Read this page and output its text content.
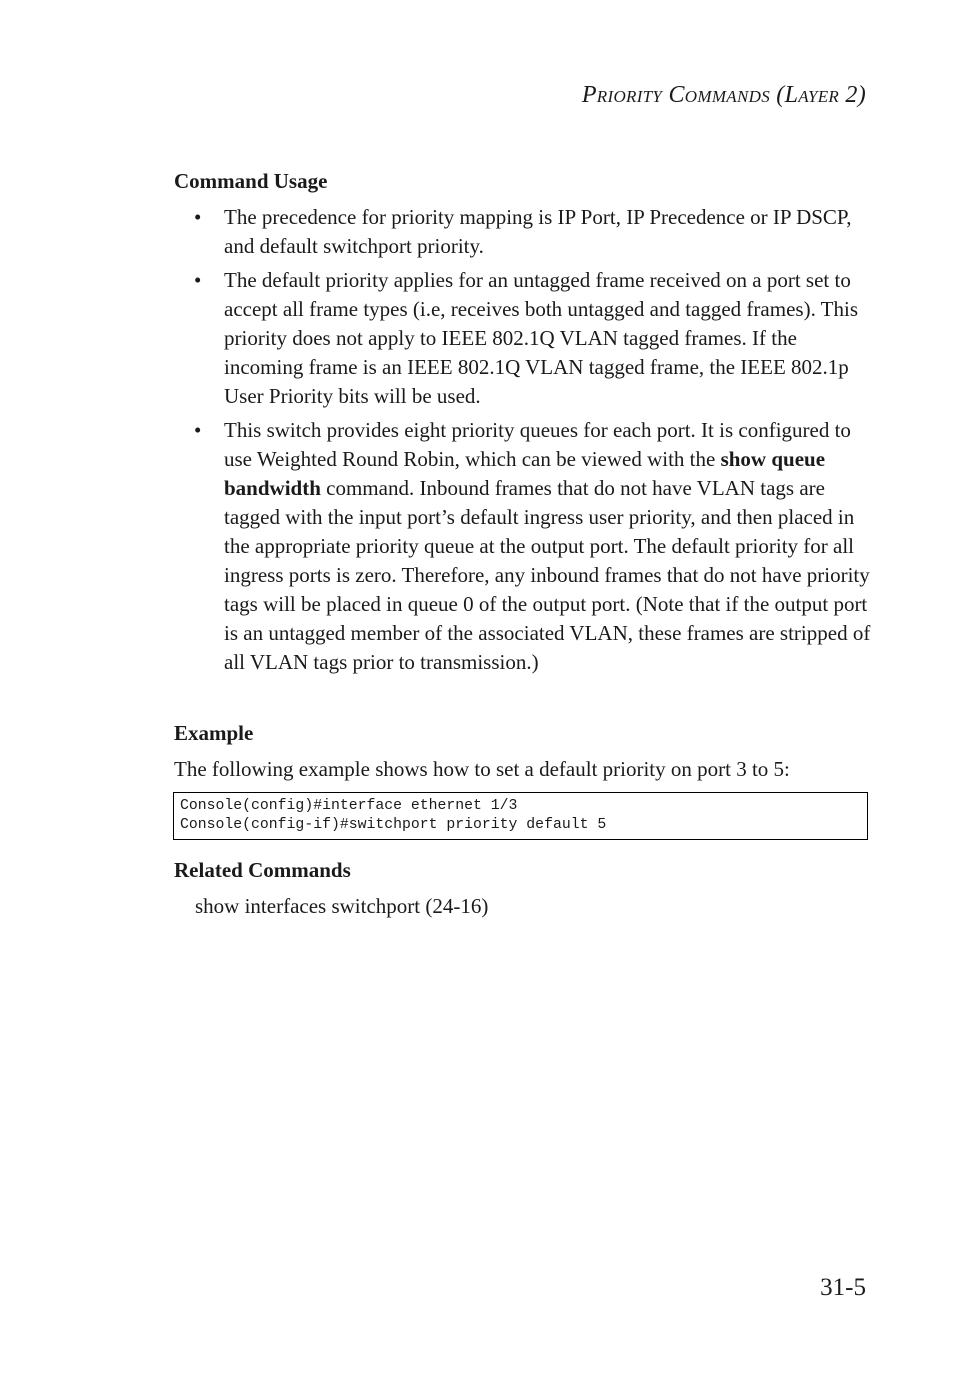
Priority Commands (Layer 2)
Command Usage
• The precedence for priority mapping is IP Port, IP Precedence or IP DSCP, and default switchport priority.
• The default priority applies for an untagged frame received on a port set to accept all frame types (i.e, receives both untagged and tagged frames). This priority does not apply to IEEE 802.1Q VLAN tagged frames. If the incoming frame is an IEEE 802.1Q VLAN tagged frame, the IEEE 802.1p User Priority bits will be used.
• This switch provides eight priority queues for each port. It is configured to use Weighted Round Robin, which can be viewed with the show queue bandwidth command. Inbound frames that do not have VLAN tags are tagged with the input port’s default ingress user priority, and then placed in the appropriate priority queue at the output port. The default priority for all ingress ports is zero. Therefore, any inbound frames that do not have priority tags will be placed in queue 0 of the output port. (Note that if the output port is an untagged member of the associated VLAN, these frames are stripped of all VLAN tags prior to transmission.)
Example
The following example shows how to set a default priority on port 3 to 5:
Console(config)#interface ethernet 1/3
Console(config-if)#switchport priority default 5
Related Commands
show interfaces switchport (24-16)
31-5
